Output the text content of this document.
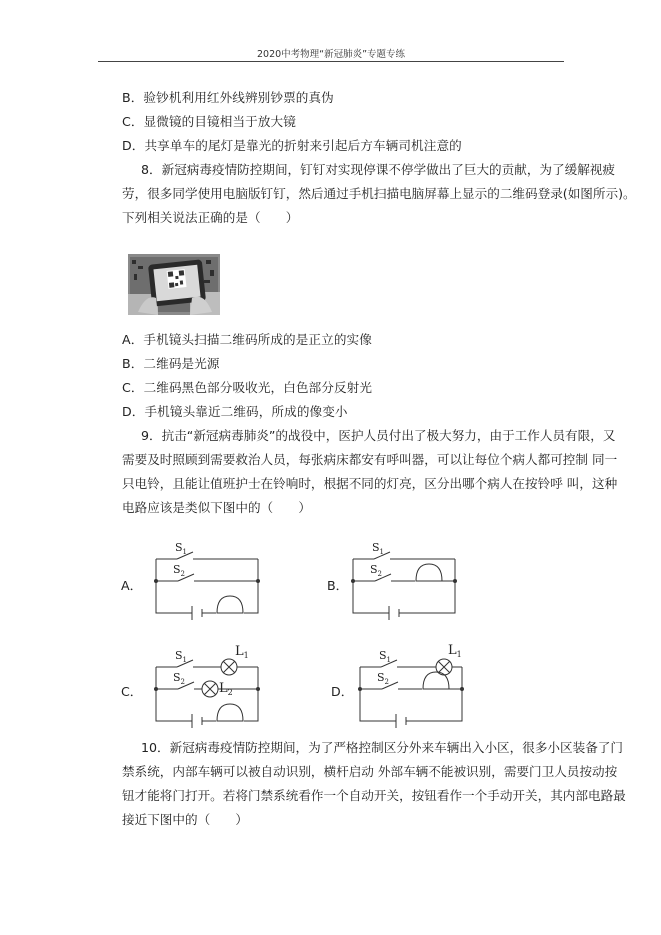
2020中考物理“新冠肺炎”专题专练
B．验钞机利用红外线辨别钞票的真伪
C．显微镜的目镜相当于放大镜
D．共享单车的尾灯是靠光的折射来引起后方车辆司机注意的
8．新冠病毒疫情防控期间，钉钉对实现停课不停学做出了巨大的贡献，为了缓解视疲
劳，很多同学使用电脑版钉钉，然后通过手机扫描电脑屏幕上显示的二维码登录(如图所示)。
下列相关说法正确的是（　　）
A．手机镜头扫描二维码所成的是正立的实像
B．二维码是光源
C．二维码黑色部分吸收光，白色部分反射光
D．手机镜头靠近二维码，所成的像变小
9．抗击“新冠病毒肺炎”的战役中，医护人员付出了极大努力，由于工作人员有限，又
需要及时照顾到需要救治人员，每张病床都安有呼叫器，可以让每位个病人都可控制 同一
只电铃，且能让值班护士在铃响时，根据不同的灯亮，区分出哪个病人在按铃呼 叫，这种
电路应该是类似下图中的（　　）
A．
$S_1$
$S_2$
B．
$S_1$
$S_2$
C．
$S_1$
$S_2$
$L_1$
$L_2$	D．
$S_1$
$S_2$
$L_1$
10．新冠病毒疫情防控期间，为了严格控制区分外来车辆出入小区，很多小区装备了门
禁系统，内部车辆可以被自动识别，横杆启动 外部车辆不能被识别，需要门卫人员按动按
钮才能将门打开。若将门禁系统看作一个自动开关，按钮看作一个手动开关，其内部电路最
接近下图中的（　　）
